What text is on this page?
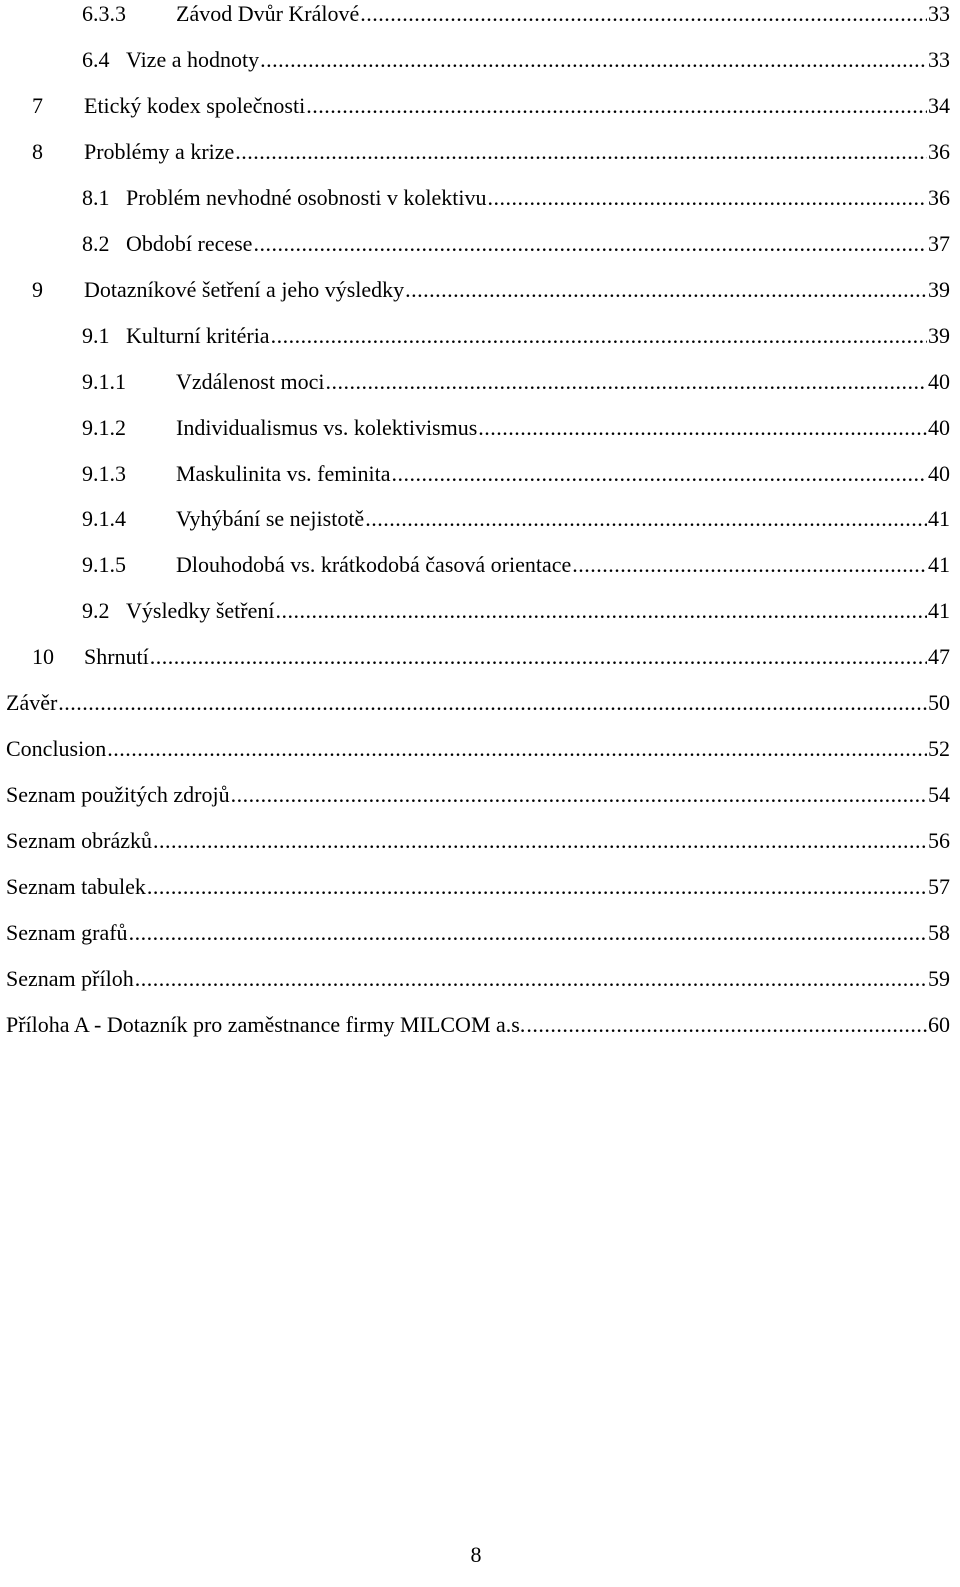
6.3.3	Závod Dvůr Králové .....	33
6.4 Vize a hodnoty .....	33
7	Etický kodex společnosti .....	34
8	Problémy a krize .....	36
8.1 Problém nevhodné osobnosti v kolektivu .....	36
8.2 Období recese .....	37
9	Dotazníkové šetření a jeho výsledky .....	39
9.1 Kulturní kritéria .....	39
9.1.1	Vzdálenost moci .....	40
9.1.2	Individualismus vs. kolektivismus .....	40
9.1.3	Maskulinita vs. feminita .....	40
9.1.4	Vyhýbání se nejistotě .....	41
9.1.5	Dlouhodobá vs. krátkodobá časová orientace .....	41
9.2 Výsledky šetření .....	41
10	Shrnutí .....	47
Závěr .....	50
Conclusion .....	52
Seznam použitých zdrojů .....	54
Seznam obrázků .....	56
Seznam tabulek .....	57
Seznam grafů .....	58
Seznam příloh .....	59
Příloha A - Dotazník pro zaměstnance firmy MILCOM a.s. .....	60
8
